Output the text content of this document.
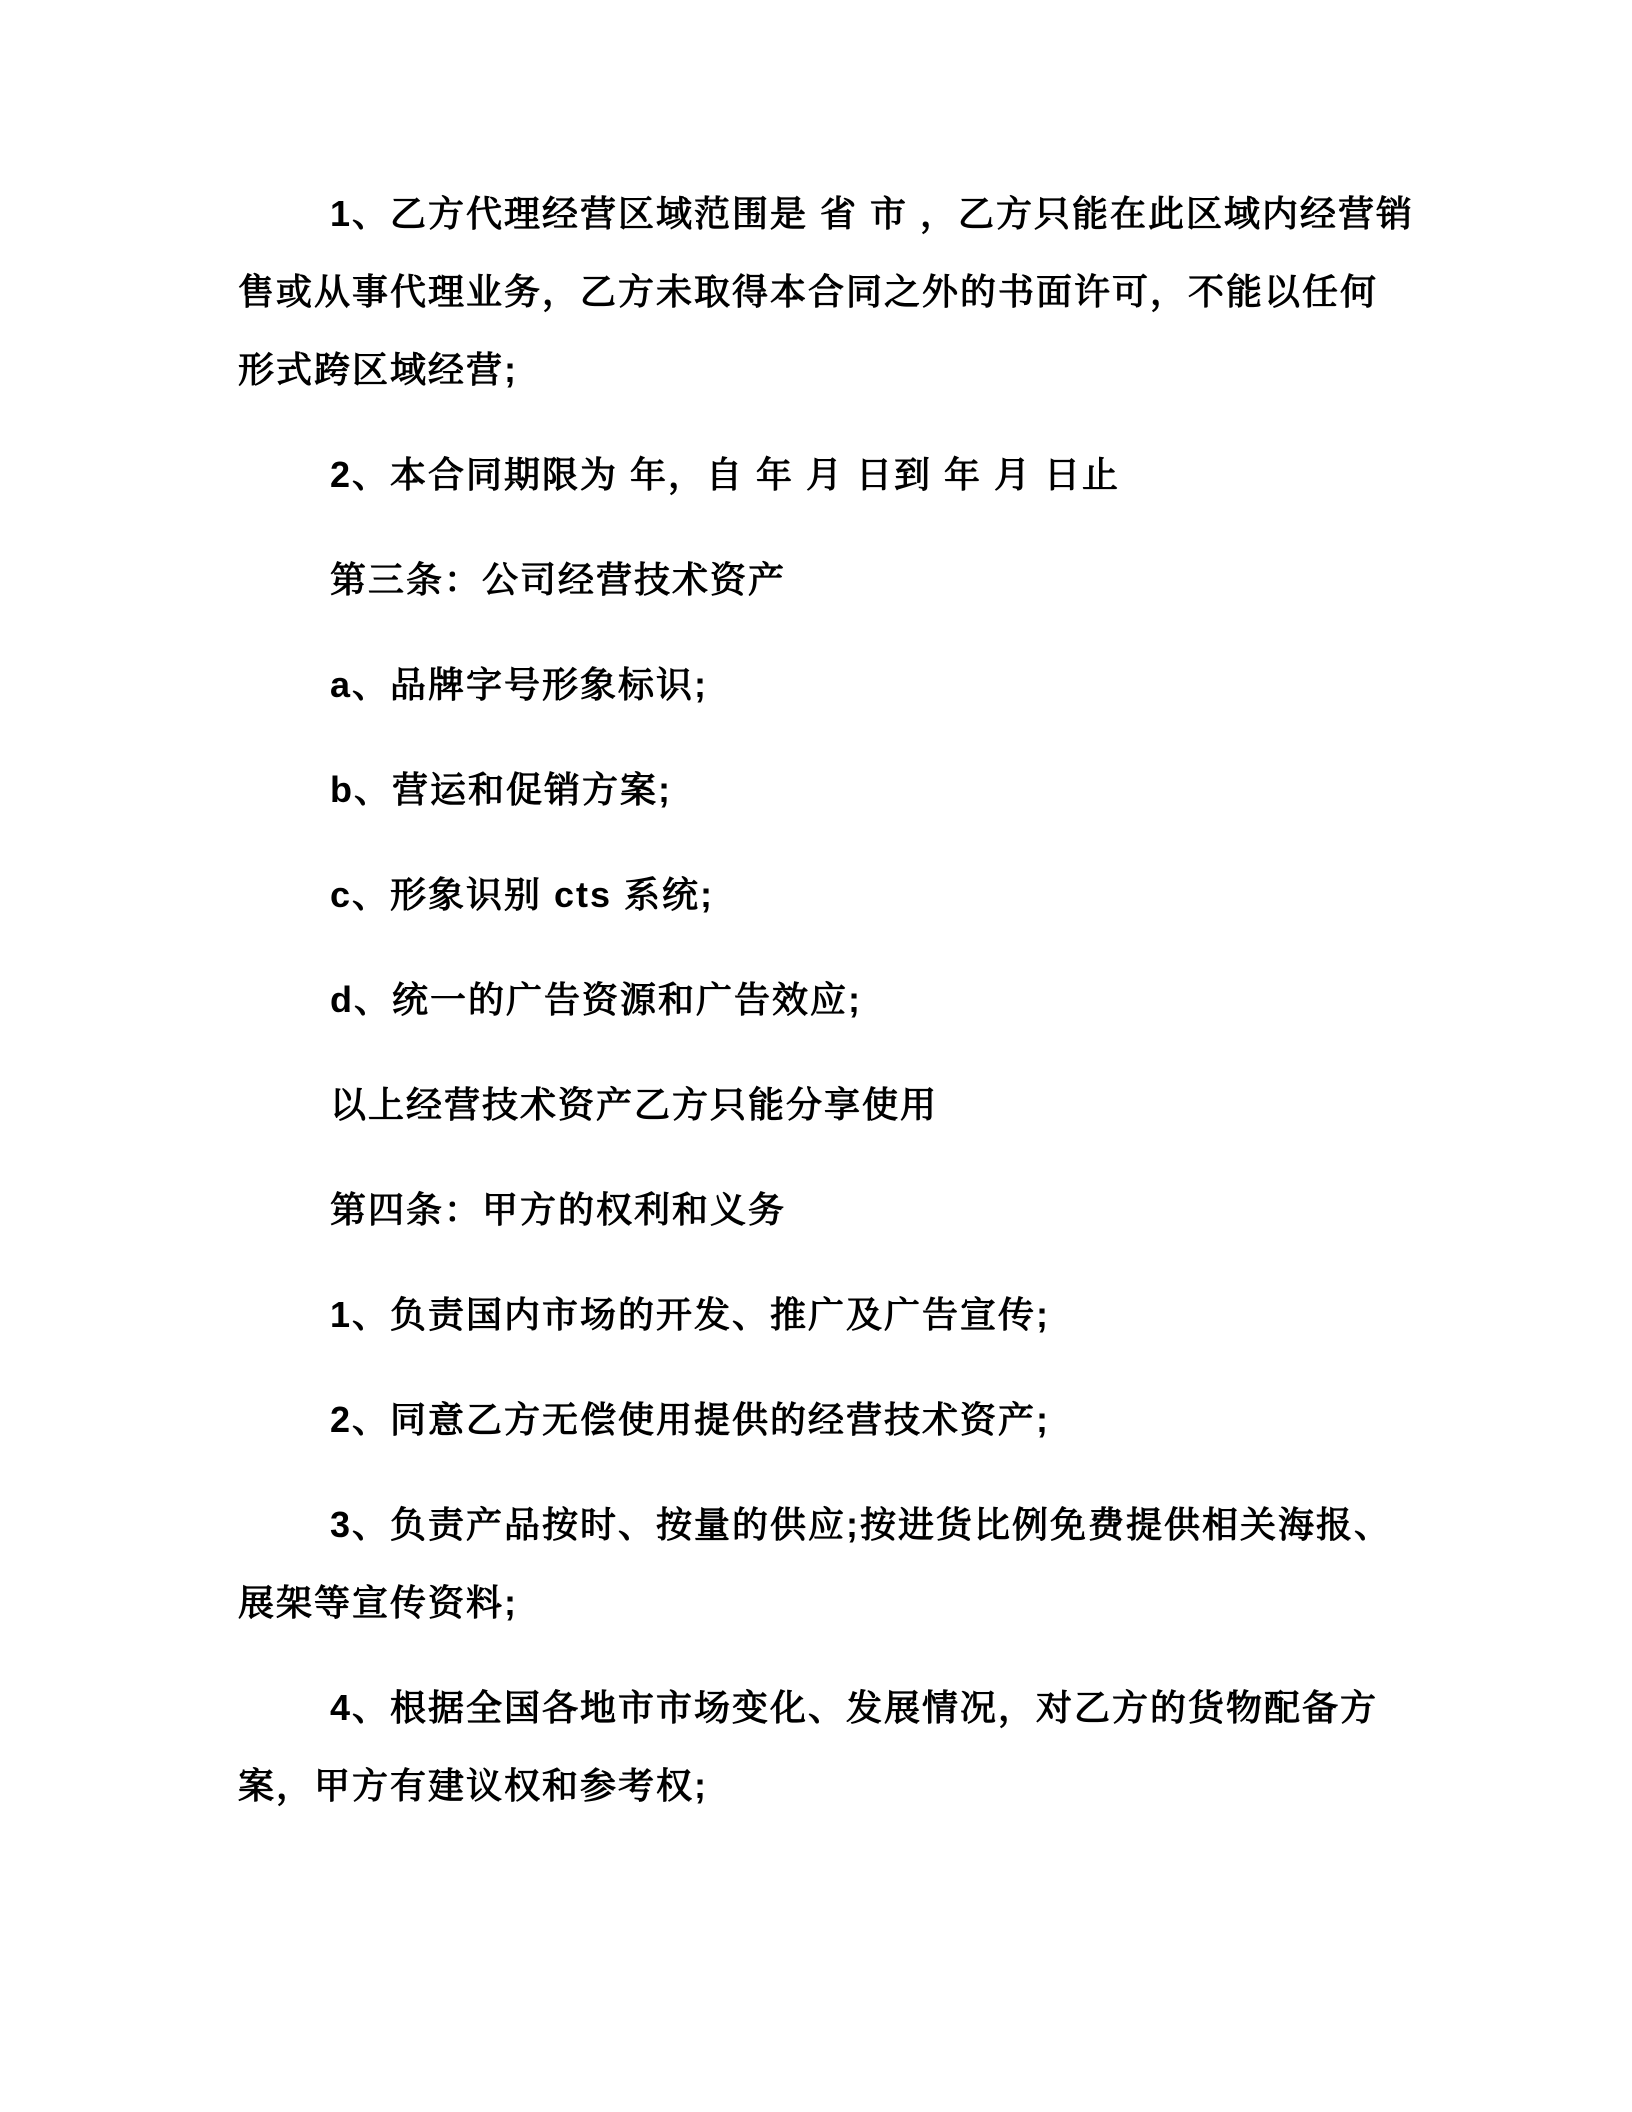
1、乙方代理经营区域范围是 省 市 ，乙方只能在此区域内经营销
售或从事代理业务，乙方未取得本合同之外的书面许可，不能以任何
形式跨区域经营;
2、本合同期限为 年，自 年 月 日到 年 月 日止
第三条：公司经营技术资产
a、品牌字号形象标识;
b、营运和促销方案;
c、形象识别 cts 系统;
d、统一的广告资源和广告效应;
以上经营技术资产乙方只能分享使用
第四条：甲方的权利和义务
1、负责国内市场的开发、推广及广告宣传;
2、同意乙方无偿使用提供的经营技术资产;
3、负责产品按时、按量的供应;按进货比例免费提供相关海报、
展架等宣传资料;
4、根据全国各地市市场变化、发展情况，对乙方的货物配备方
案，甲方有建议权和参考权;
